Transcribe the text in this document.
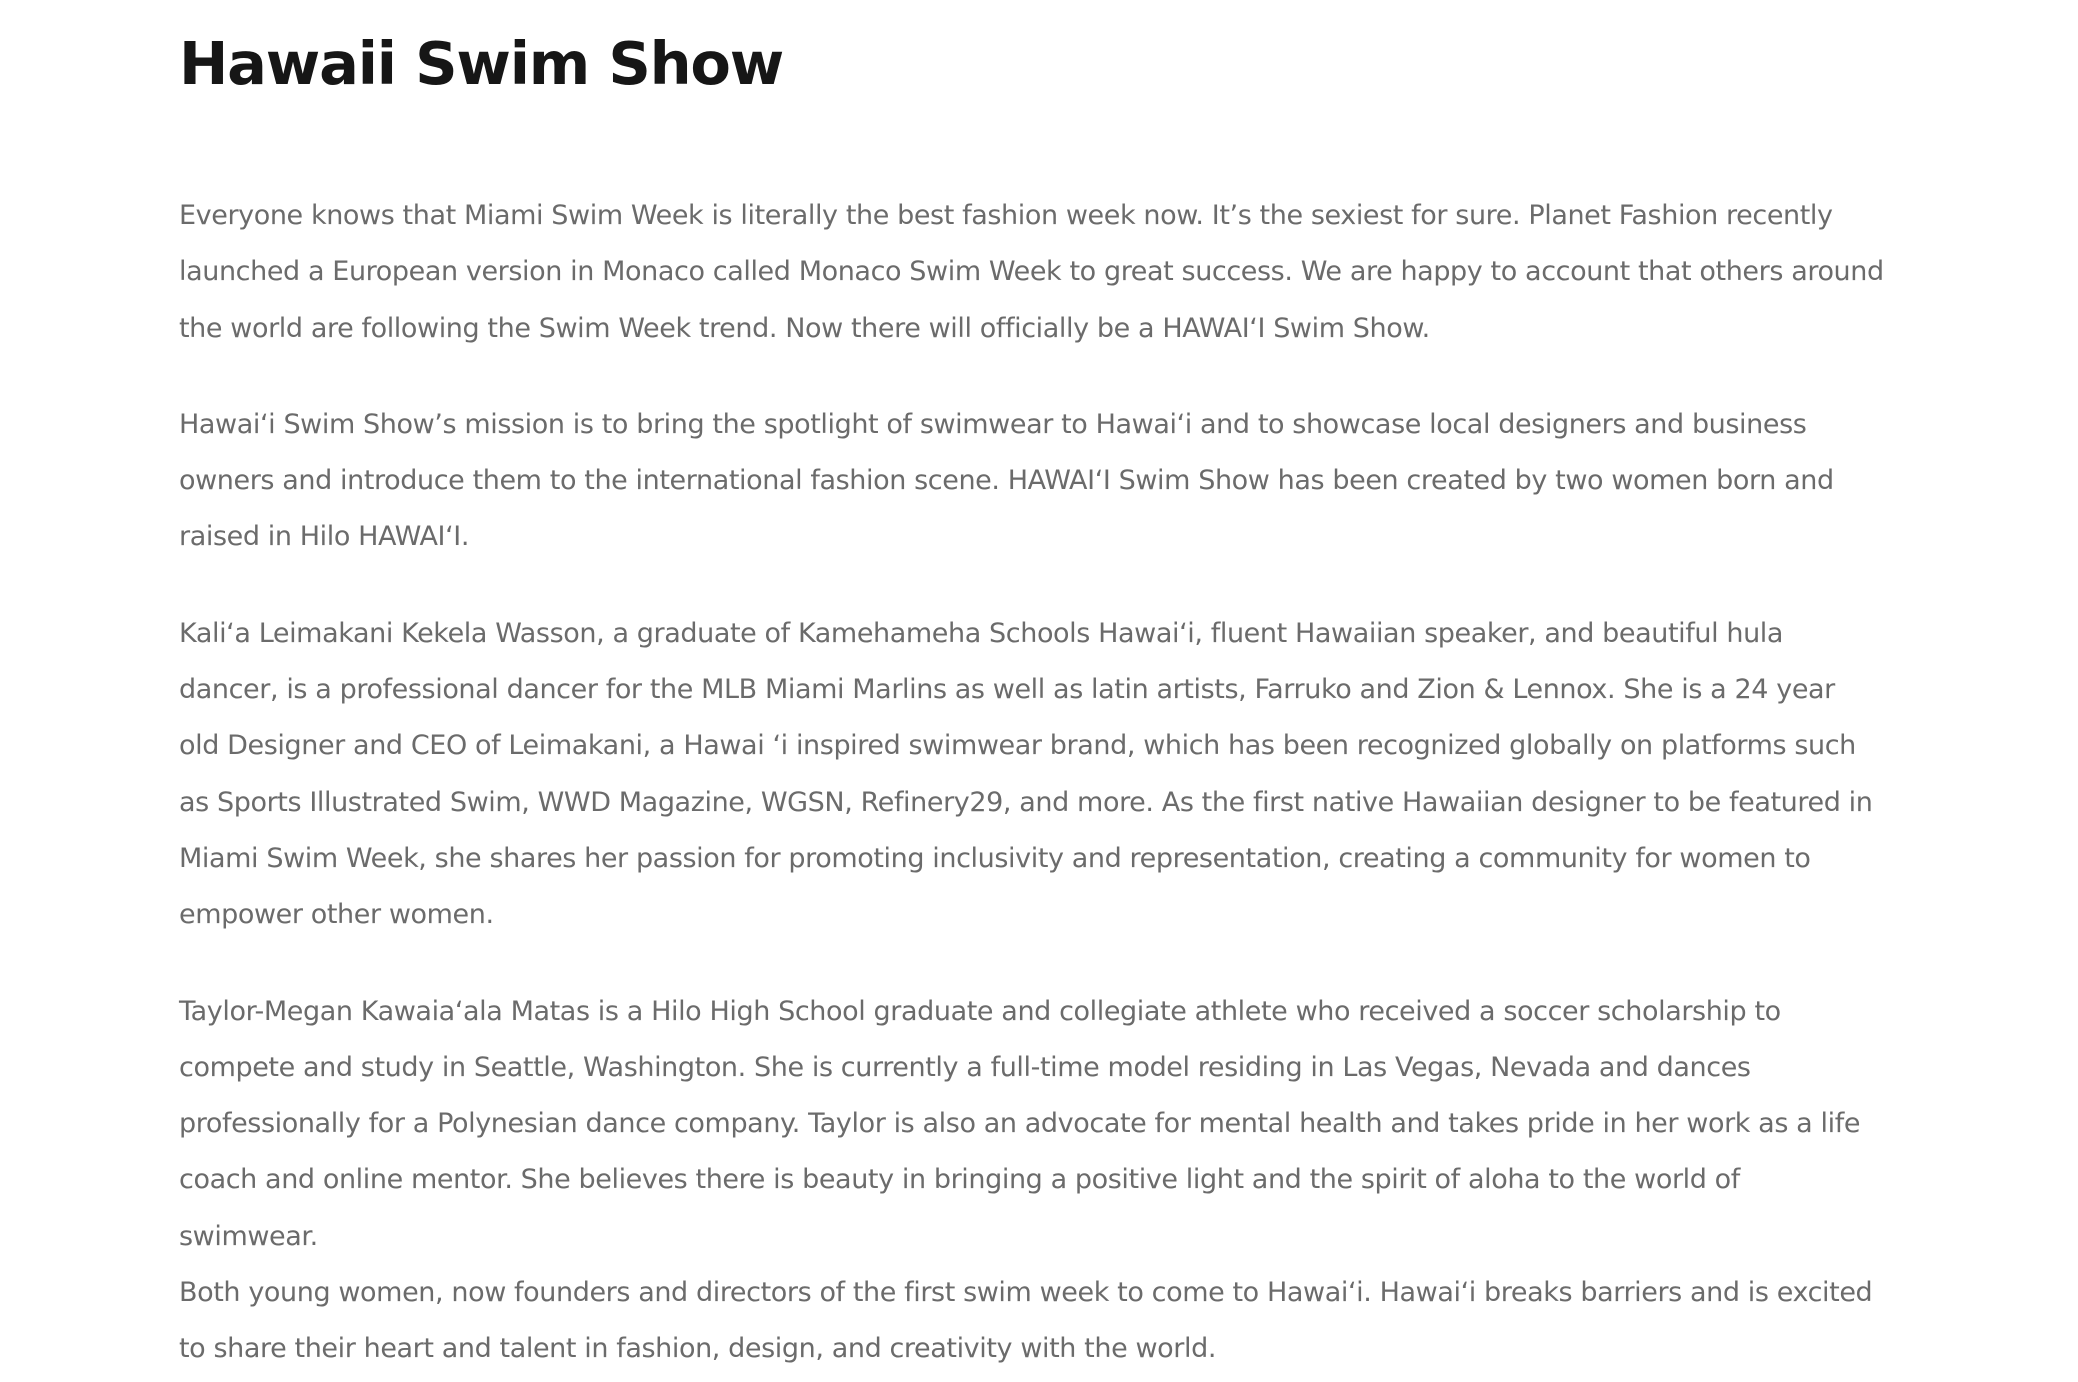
Hawaii Swim Show

Everyone knows that Miami Swim Week is literally the best fashion week now. It’s the sexiest for sure. Planet Fashion recently
launched a European version in Monaco called Monaco Swim Week to great success. We are happy to account that others around
the world are following the Swim Week trend. Now there will officially be a HAWAIʻI Swim Show.

Hawaiʻi Swim Show’s mission is to bring the spotlight of swimwear to Hawaiʻi and to showcase local designers and business
owners and introduce them to the international fashion scene. HAWAIʻI Swim Show has been created by two women born and
raised in Hilo HAWAIʻI.

Kaliʻa Leimakani Kekela Wasson, a graduate of Kamehameha Schools Hawaiʻi, fluent Hawaiian speaker, and beautiful hula
dancer, is a professional dancer for the MLB Miami Marlins as well as latin artists, Farruko and Zion & Lennox. She is a 24 year
old Designer and CEO of Leimakani, a Hawai ʻi inspired swimwear brand, which has been recognized globally on platforms such
as Sports Illustrated Swim, WWD Magazine, WGSN, Refinery29, and more. As the first native Hawaiian designer to be featured in
Miami Swim Week, she shares her passion for promoting inclusivity and representation, creating a community for women to
empower other women.

Taylor-Megan Kawaiaʻala Matas is a Hilo High School graduate and collegiate athlete who received a soccer scholarship to
compete and study in Seattle, Washington. She is currently a full-time model residing in Las Vegas, Nevada and dances
professionally for a Polynesian dance company. Taylor is also an advocate for mental health and takes pride in her work as a life
coach and online mentor. She believes there is beauty in bringing a positive light and the spirit of aloha to the world of
swimwear.

Both young women, now founders and directors of the first swim week to come to Hawaiʻi. Hawaiʻi breaks barriers and is excited
to share their heart and talent in fashion, design, and creativity with the world.
